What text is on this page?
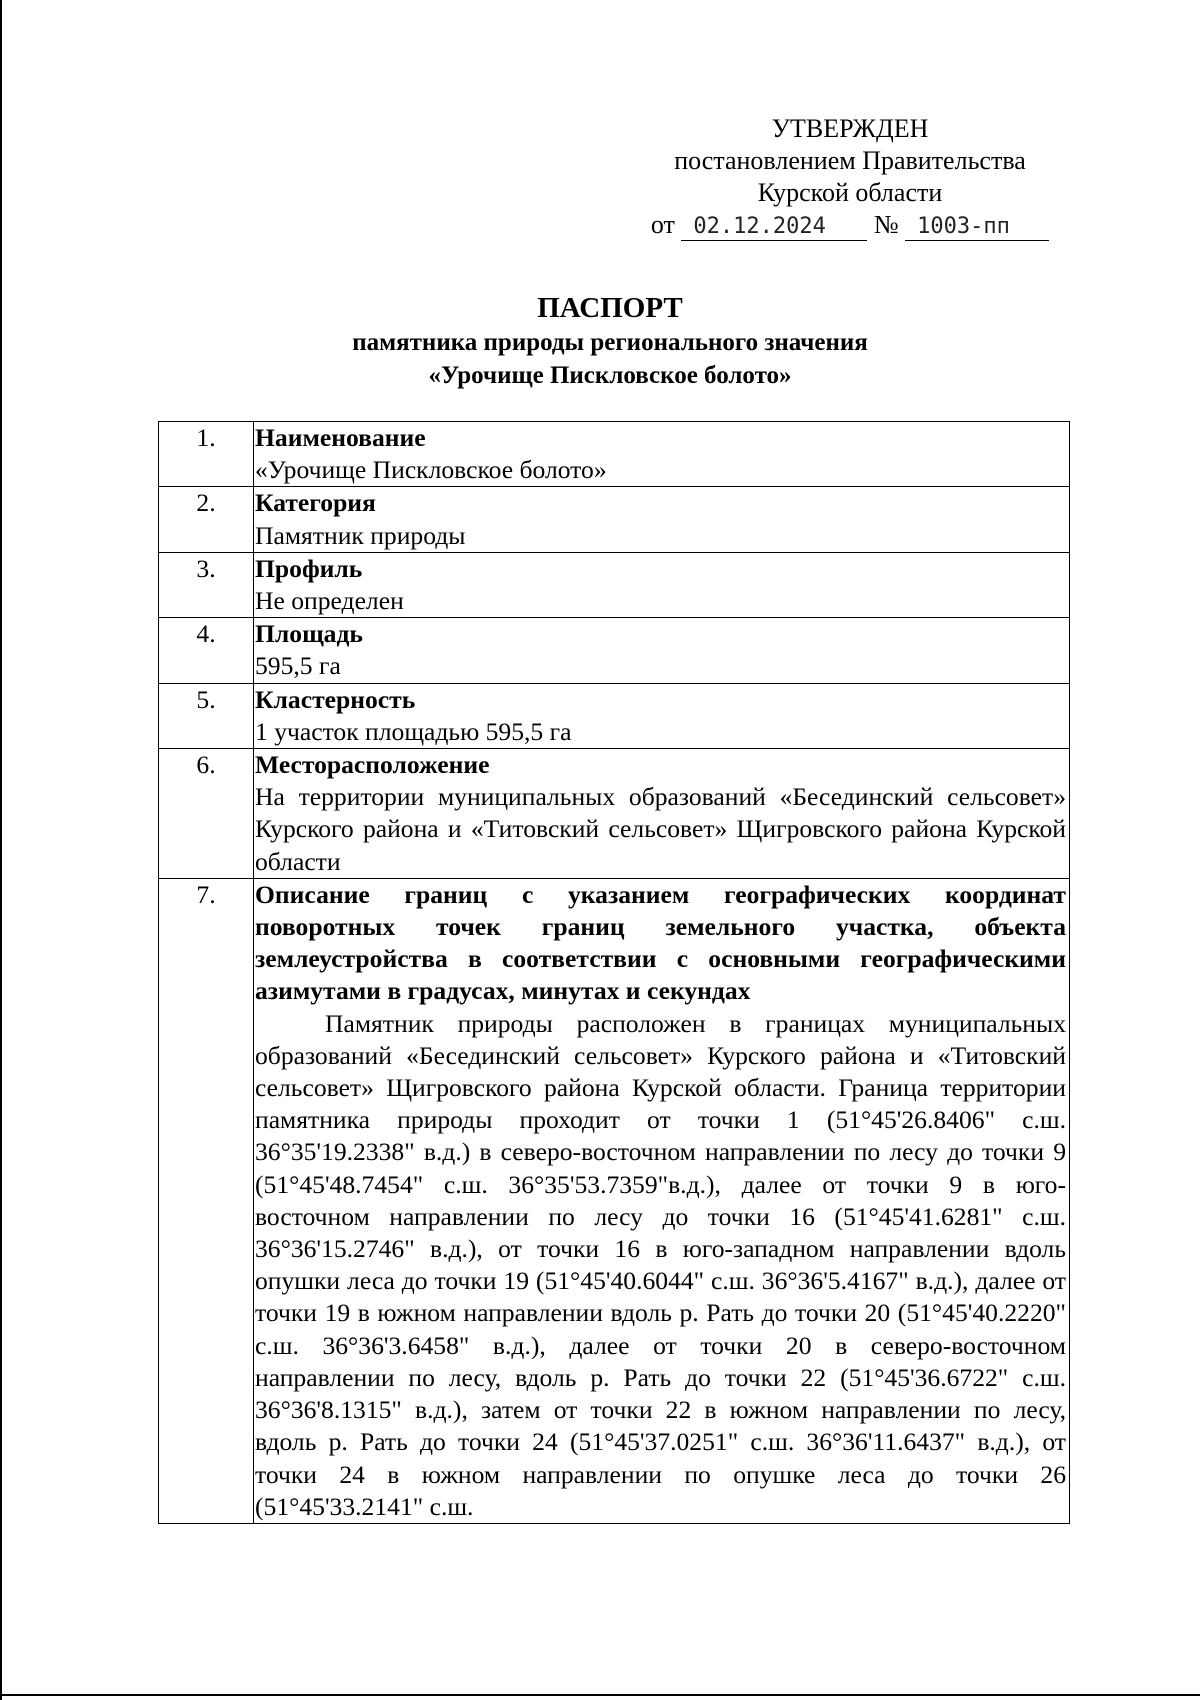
УТВЕРЖДЕН
постановлением Правительства
Курской области
от 02.12.2024 № 1003-пп
ПАСПОРТ
памятника природы регионального значения
«Урочище Пискловское болото»
1.	Наименование
«Урочище Пискловское болото»

2.	Категория
Памятник природы

3.	Профиль
Не определен

4.	Площадь
595,5 га

5.	Кластерность
1 участок площадью 595,5 га

6.	Месторасположение
На территории муниципальных образований «Бесединский сельсовет» Курского района и «Титовский сельсовет» Щигровского района Курской области

7.	Описание границ с указанием географических координат поворотных точек границ земельного участка, объекта землеустройства в соответствии с основными географическими азимутами в градусах, минутах и секундах
Памятник природы расположен в границах муниципальных образований «Бесединский сельсовет» Курского района и «Титовский сельсовет» Щигровского района Курской области. Граница территории памятника природы проходит от точки 1 (51°45'26.8406" с.ш. 36°35'19.2338" в.д.) в северо-восточном направлении по лесу до точки 9 (51°45'48.7454" с.ш. 36°35'53.7359"в.д.), далее от точки 9 в юго-восточном направлении по лесу до точки 16 (51°45'41.6281" с.ш. 36°36'15.2746" в.д.), от точки 16 в юго-западном направлении вдоль опушки леса до точки 19 (51°45'40.6044" с.ш. 36°36'5.4167" в.д.), далее от точки 19 в южном направлении вдоль р. Рать до точки 20 (51°45'40.2220" с.ш. 36°36'3.6458" в.д.), далее от точки 20 в северо-восточном направлении по лесу, вдоль р. Рать до точки 22 (51°45'36.6722" с.ш. 36°36'8.1315" в.д.), затем от точки 22 в южном направлении по лесу, вдоль р. Рать до точки 24 (51°45'37.0251" с.ш. 36°36'11.6437" в.д.), от точки 24 в южном направлении по опушке леса до точки 26 (51°45'33.2141" с.ш.
